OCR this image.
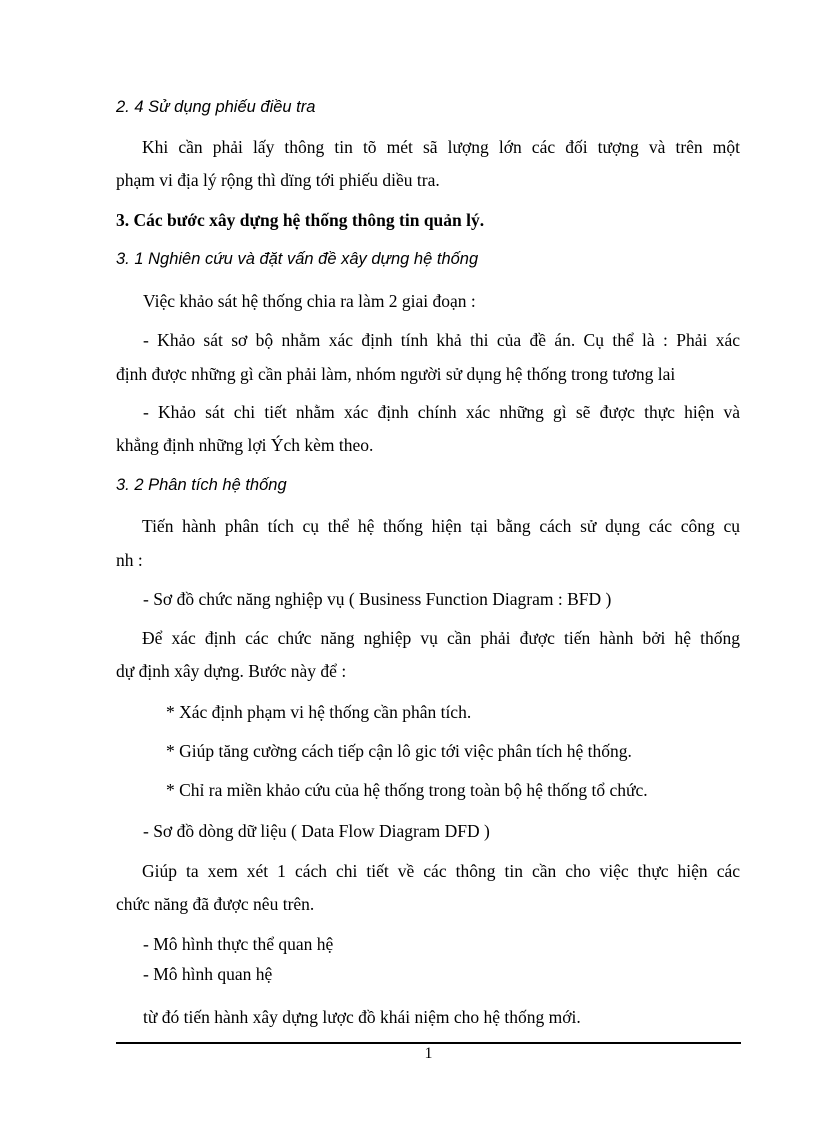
2. 4 Sử dụng phiếu điều tra
Khi cần phải lấy thông tin tõ mét sã lượng lớn các đối tượng và trên một
phạm vi địa lý rộng thì dïng tới phiếu diều tra.
3. Các bước xây dựng hệ thống thông tin quản lý.
3. 1 Nghiên cứu và đặt vấn đề xây dựng hệ thống
Việc khảo sát hệ thống chia ra làm 2 giai đoạn :
- Khảo sát sơ bộ nhằm xác định tính khả thi của đề án. Cụ thể là : Phải xác
định được những gì cần phải làm, nhóm người sử dụng hệ thống trong tương lai
- Khảo sát chi tiết nhằm xác định chính xác những gì sẽ được thực hiện và
khẳng định những lợi Ých kèm theo.
3. 2 Phân tích hệ thống
Tiến hành phân tích cụ thể hệ thống hiện tại bằng cách sử dụng các công cụ
nh :
- Sơ đồ chức năng nghiệp vụ ( Business Function Diagram : BFD )
Để xác định các chức năng nghiệp vụ cần phải được tiến hành bởi hệ thống
dự định xây dựng. Bước này để :
* Xác định phạm vi hệ thống cần phân tích.
* Giúp tăng cường cách tiếp cận lô gic tới việc phân tích hệ thống.
* Chỉ ra miền khảo cứu của hệ thống trong toàn bộ hệ thống tổ chức.
- Sơ đồ dòng dữ liệu ( Data Flow Diagram DFD )
Giúp ta xem xét 1 cách chi tiết về các thông tin cần cho việc thực hiện các
chức năng đã được nêu trên.
- Mô hình thực thể quan hệ
- Mô hình quan hệ
từ đó tiến hành xây dựng lược đồ khái niệm cho hệ thống mới.
1
